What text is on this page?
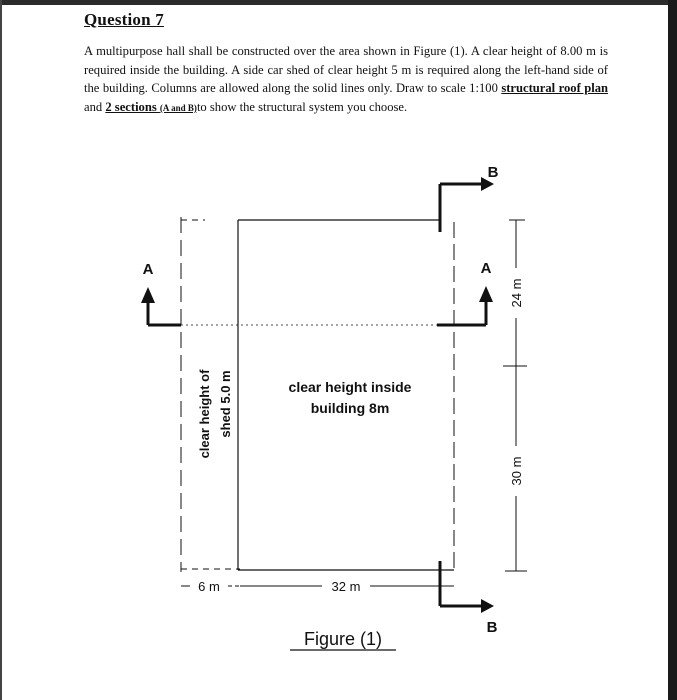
Question 7
A multipurpose hall shall be constructed over the area shown in Figure (1). A clear height of 8.00 m is required inside the building. A side car shed of clear height 5 m is required along the left-hand side of the building. Columns are allowed along the solid lines only. Draw to scale 1:100 structural roof plan and 2 sections (A and B)to show the structural system you choose.
A	A
B
B
clear height of shed 5.0 m	clear height inside
building 8m
6 m	32 m
24 m
30 m
Figure (1)
